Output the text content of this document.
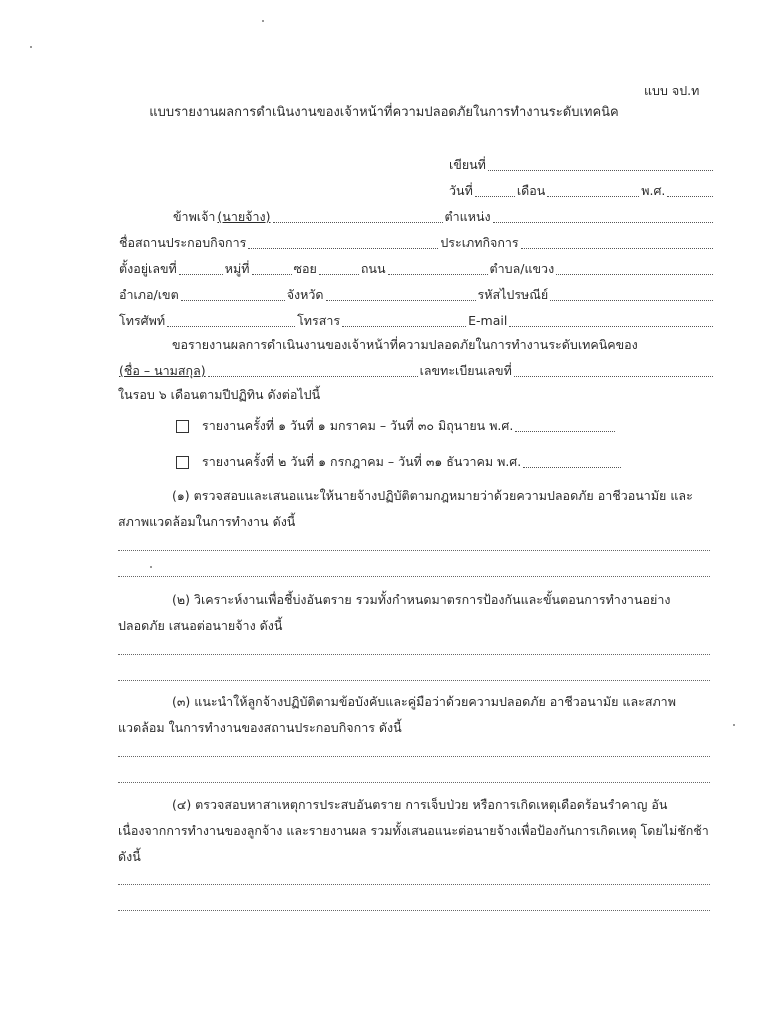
แบบ จป.ท
แบบรายงานผลการดำเนินงานของเจ้าหน้าที่ความปลอดภัยในการทำงานระดับเทคนิค
เขียนที่
วันที่	เดือน	พ.ศ.
ข้าพเจ้า (นายจ้าง)	ตำแหน่ง
ชื่อสถานประกอบกิจการ	ประเภทกิจการ
ตั้งอยู่เลขที่	หมู่ที่	ซอย	ถนน	ตำบล/แขวง
อำเภอ/เขต	จังหวัด	รหัสไปรษณีย์
โทรศัพท์	โทรสาร	E-mail
ขอรายงานผลการดำเนินงานของเจ้าหน้าที่ความปลอดภัยในการทำงานระดับเทคนิคของ
(ชื่อ – นามสกุล)	เลขทะเบียนเลขที่
ในรอบ ๖ เดือนตามปีปฏิทิน ดังต่อไปนี้
รายงานครั้งที่ ๑ วันที่ ๑ มกราคม – วันที่ ๓๐ มิถุนายน พ.ศ.
รายงานครั้งที่ ๒ วันที่ ๑ กรกฎาคม – วันที่ ๓๑ ธันวาคม พ.ศ.
(๑) ตรวจสอบและเสนอแนะให้นายจ้างปฏิบัติตามกฎหมายว่าด้วยความปลอดภัย อาชีวอนามัย และสภาพแวดล้อมในการทำงาน ดังนี้
(๒) วิเคราะห์งานเพื่อชี้บ่งอันตราย รวมทั้งกำหนดมาตรการป้องกันและขั้นตอนการทำงานอย่างปลอดภัย เสนอต่อนายจ้าง ดังนี้
(๓) แนะนำให้ลูกจ้างปฏิบัติตามข้อบังคับและคู่มือว่าด้วยความปลอดภัย อาชีวอนามัย และสภาพแวดล้อม ในการทำงานของสถานประกอบกิจการ ดังนี้
(๔) ตรวจสอบหาสาเหตุการประสบอันตราย การเจ็บป่วย หรือการเกิดเหตุเดือดร้อนรำคาญ อันเนื่องจากการทำงานของลูกจ้าง และรายงานผล รวมทั้งเสนอแนะต่อนายจ้างเพื่อป้องกันการเกิดเหตุ โดยไม่ชักช้า ดังนี้
